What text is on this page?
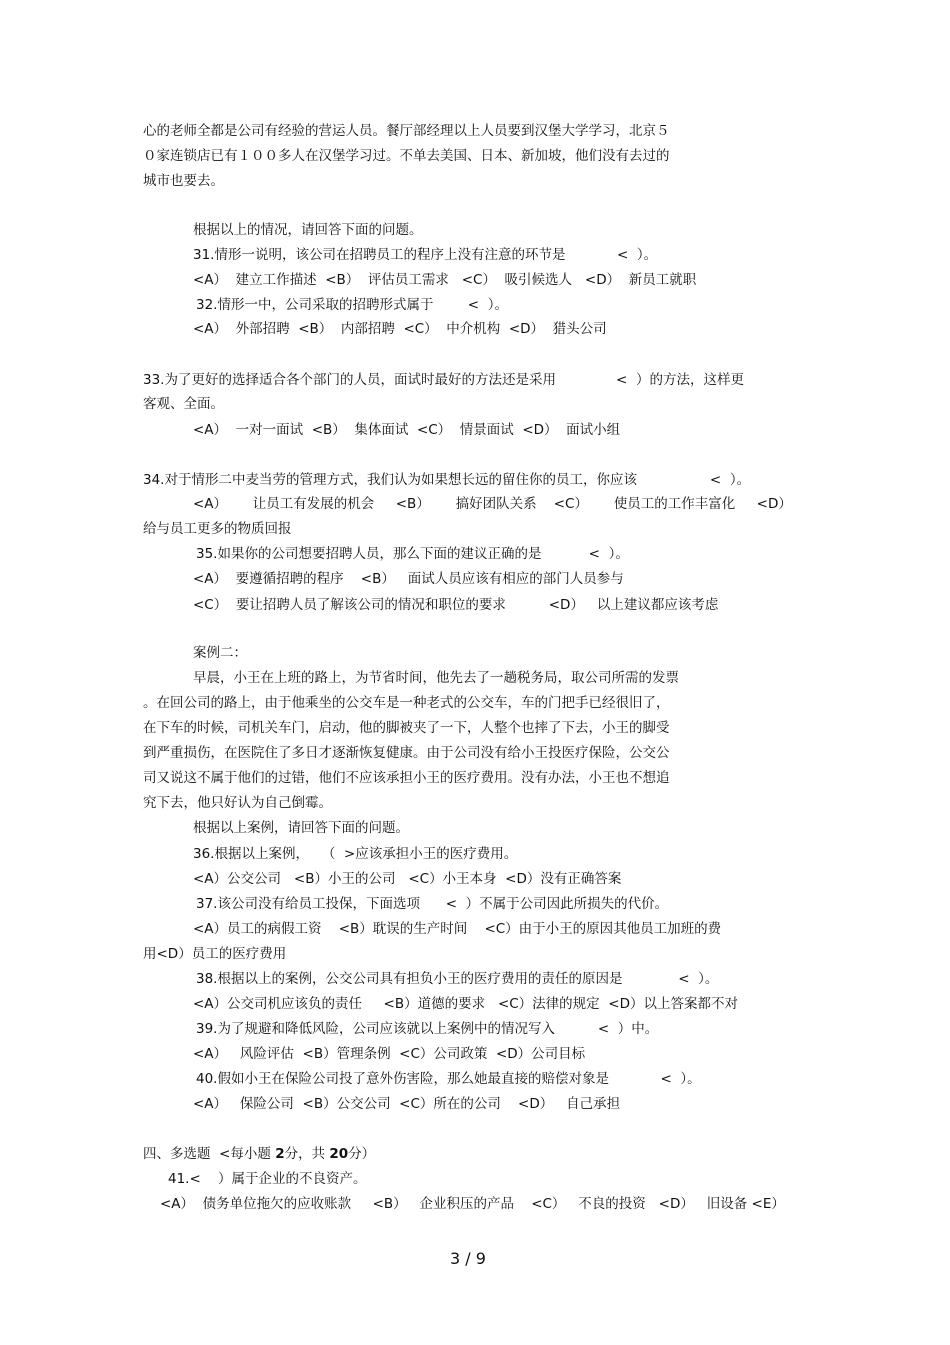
心的老师全都是公司有经验的营运人员。餐厅部经理以上人员要到汉堡大学学习，北京５
０家连锁店已有１００多人在汉堡学习过。不单去美国、日本、新加坡，他们没有去过的
城市也要去。
根据以上的情况，请回答下面的问题。
31.情形一说明，该公司在招聘员工的程序上没有注意的环节是            <  ）。
<A）  建立工作描述  <B）  评估员工需求   <C）  吸引候选人   <D）  新员工就职
32.情形一中，公司采取的招聘形式属于        <  ）。
<A）  外部招聘  <B）  内部招聘  <C）  中介机构  <D）  猎头公司
33.为了更好的选择适合各个部门的人员，面试时最好的方法还是采用              <  ）的方法，这样更
客观、全面。
<A）  一对一面试  <B）  集体面试  <C）  情景面试  <D）  面试小组
34.对于情形二中麦当劳的管理方式，我们认为如果想长远的留住你的员工，你应该                 <  ）。
<A）      让员工有发展的机会     <B）      搞好团队关系    <C）      使员工的工作丰富化     <D）
给与员工更多的物质回报
35.如果你的公司想要招聘人员，那么下面的建议正确的是           <  ）。
<A）  要遵循招聘的程序    <B）   面试人员应该有相应的部门人员参与
<C）  要让招聘人员了解该公司的情况和职位的要求          <D）   以上建议都应该考虑
案例二：
早晨，小王在上班的路上，为节省时间，他先去了一趟税务局，取公司所需的发票
。在回公司的路上，由于他乘坐的公交车是一种老式的公交车，车的门把手已经很旧了，
在下车的时候，司机关车门，启动，他的脚被夹了一下，人整个也摔了下去，小王的脚受
到严重损伤，在医院住了多日才逐渐恢复健康。由于公司没有给小王投医疗保险，公交公
司又说这不属于他们的过错，他们不应该承担小王的医疗费用。没有办法，小王也不想追
究下去，他只好认为自己倒霉。
根据以上案例，请回答下面的问题。
36.根据以上案例，   （  >应该承担小王的医疗费用。
<A）公交公司   <B）小王的公司   <C）小王本身  <D）没有正确答案
37.该公司没有给员工投保，下面选项      <  ）不属于公司因此所损失的代价。
<A）员工的病假工资    <B）耽误的生产时间    <C）由于小王的原因其他员工加班的费
用<D）员工的医疗费用
38.根据以上的案例，公交公司具有担负小王的医疗费用的责任的原因是             <  ）。
<A）公交司机应该负的责任     <B）道德的要求   <C）法律的规定  <D）以上答案都不对
39.为了规避和降低风险，公司应该就以上案例中的情况写入          <  ）中。
<A）   风险评估  <B）管理条例  <C）公司政策  <D）公司目标
40.假如小王在保险公司投了意外伤害险，那么她最直接的赔偿对象是            <  ）。
<A）   保险公司  <B）公交公司  <C）所在的公司    <D）   自己承担
四、多选题  <每小题 2分，共 20分）
41.<    ）属于企业的不良资产。
<A）  债务单位拖欠的应收账款     <B）   企业积压的产品    <C）   不良的投资   <D）   旧设备 <E）
3 / 9
